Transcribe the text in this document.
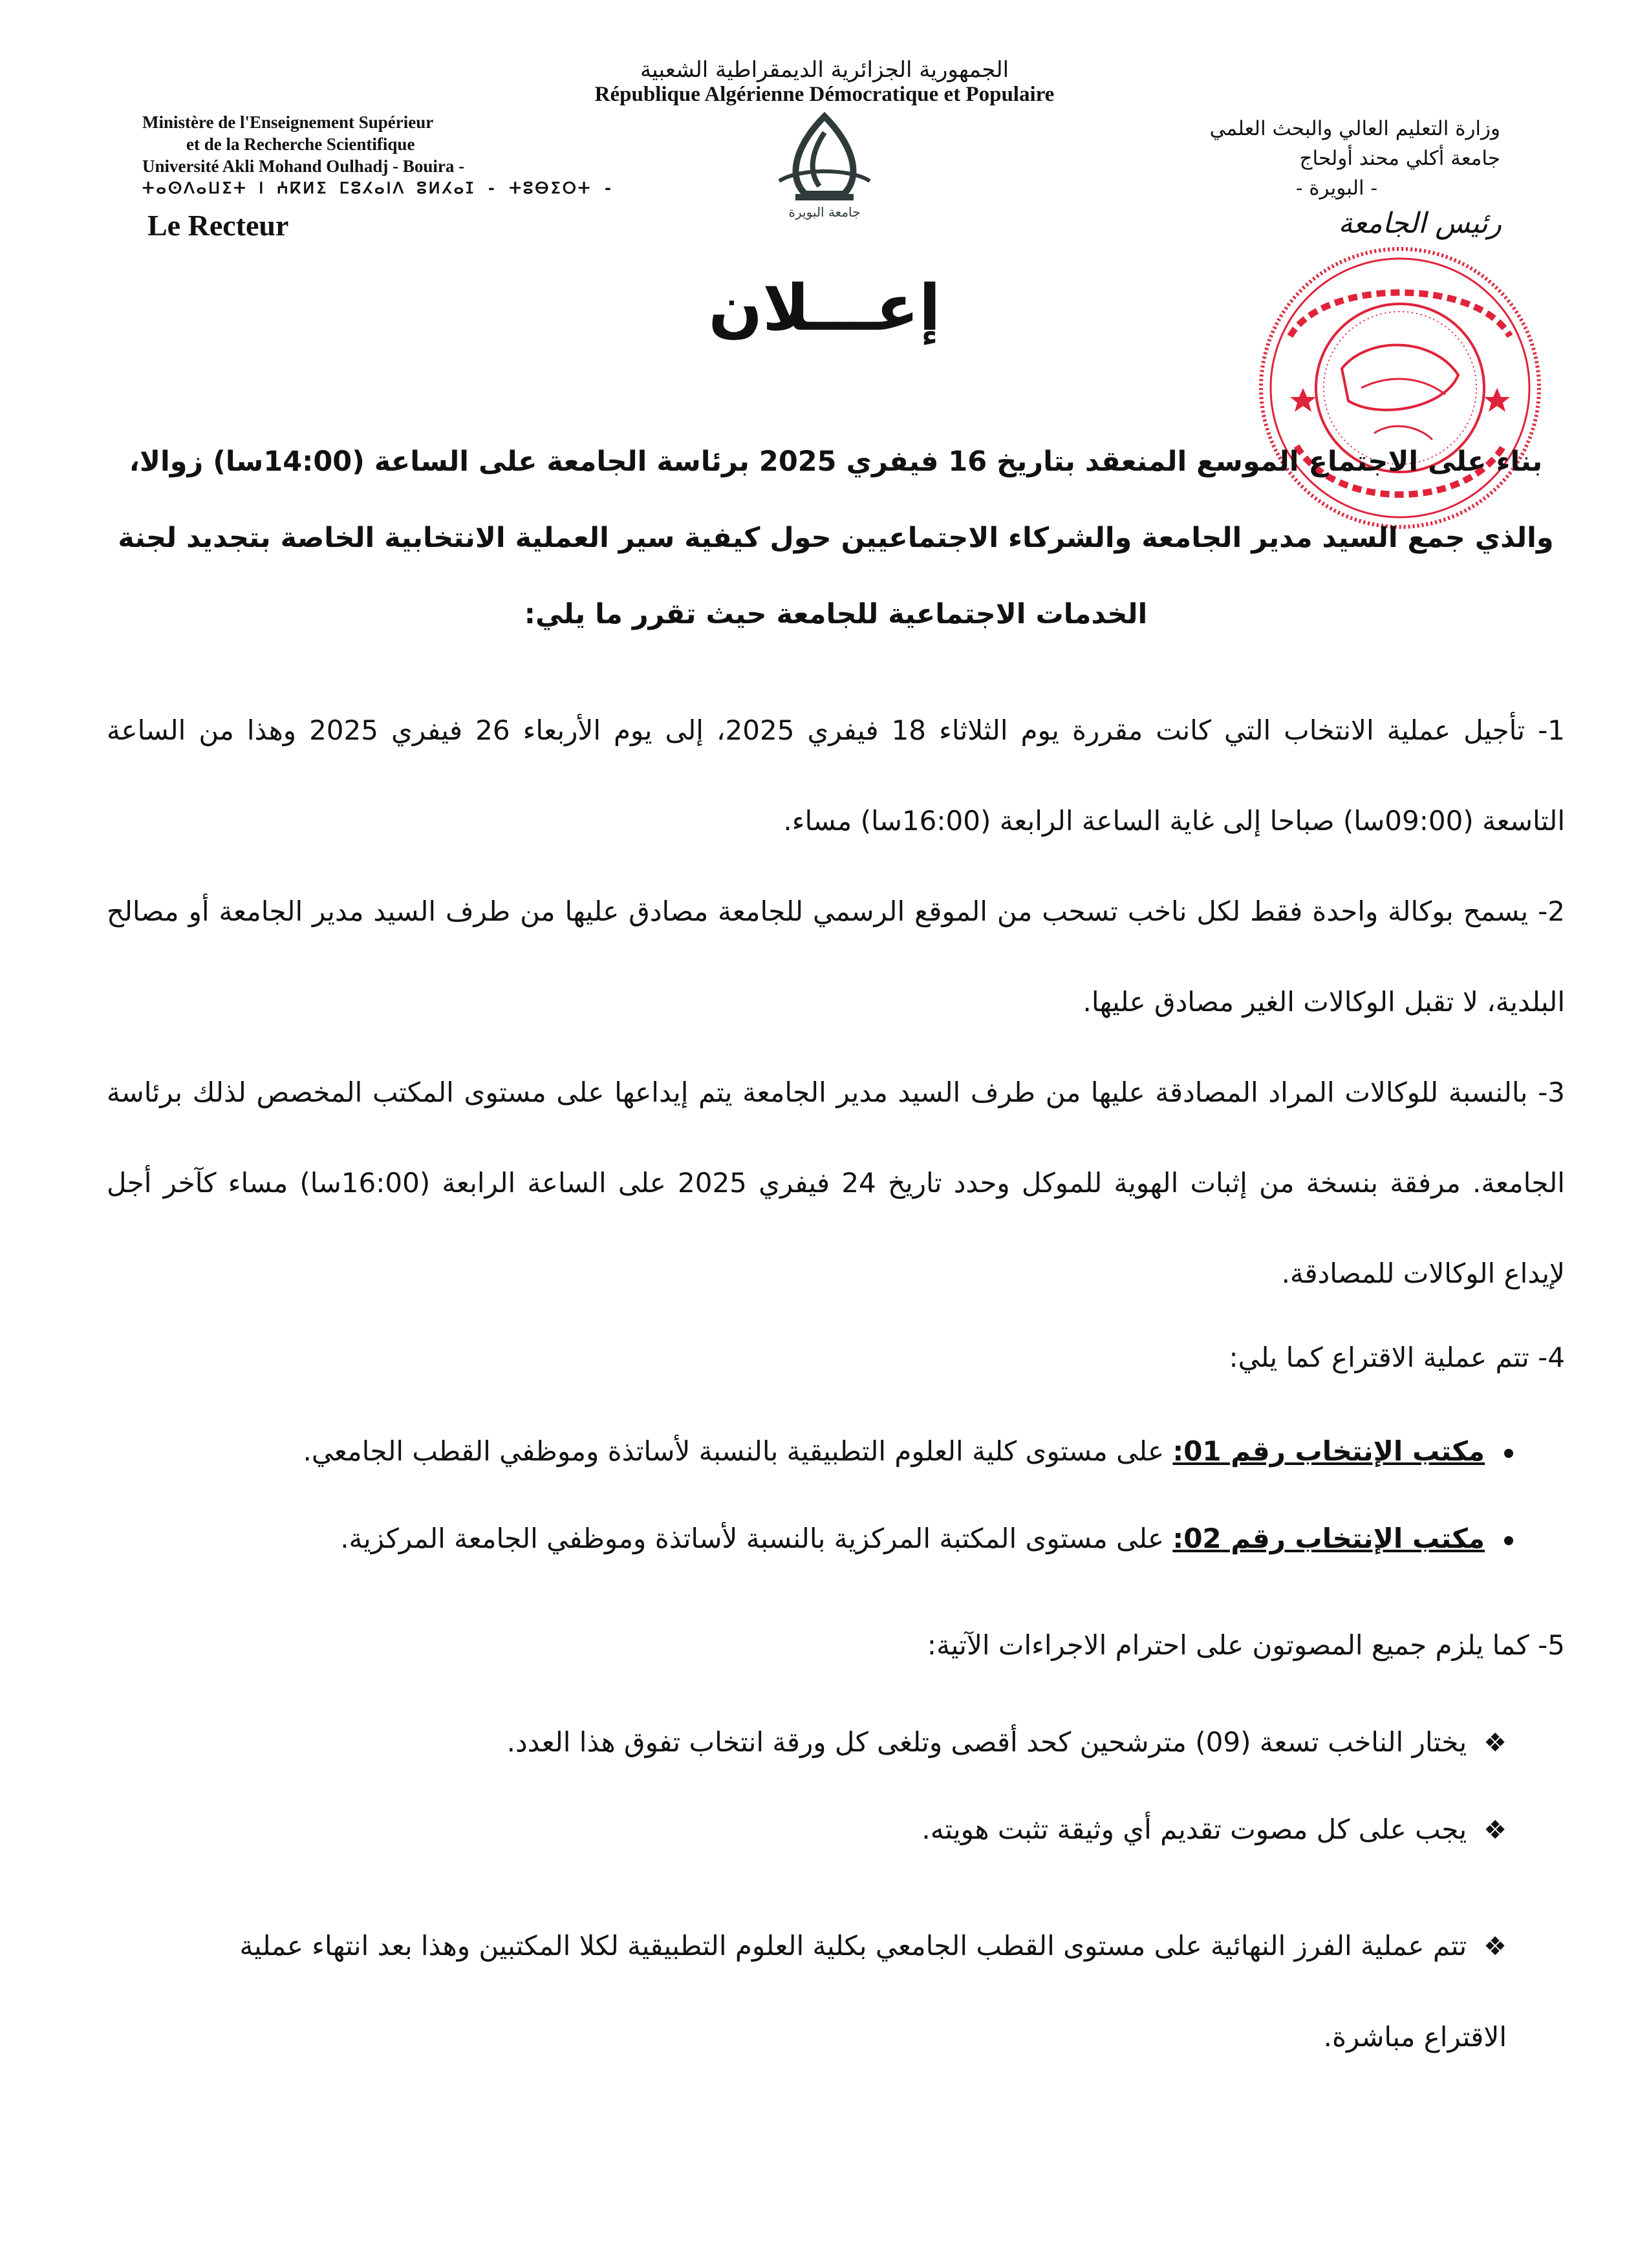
الجمهورية الجزائرية الديمقراطية الشعبية
République Algérienne Démocratique et Populaire
Ministère de l'Enseignement Supérieur
et de la Recherche Scientifique
Université Akli Mohand Oulhadj - Bouira -
ⵜⴰⵙⴷⴰⵡⵉⵜ ⵏ ⵄⴽⵍⵉ ⵎⵓⵃⴰⵏⴷ ⵓⵍⵃⴰⵊ - ⵜⵓⴱⵉⵔⵜ -
Le Recteur
وزارة التعليم العالي والبحث العلمي
جامعة أكلي محند أولحاج
- البويرة -
رئيس الجامعة
جامعة البويرة
إعـــلان
بناء على الاجتماع الموسع المنعقد بتاريخ 16 فيفري 2025 برئاسة الجامعة على الساعة (14:00سا) زوالا،
والذي جمع السيد مدير الجامعة والشركاء الاجتماعيين حول كيفية سير العملية الانتخابية الخاصة بتجديد لجنة
الخدمات الاجتماعية للجامعة حيث تقرر ما يلي:
1- تأجيل عملية الانتخاب التي كانت مقررة يوم الثلاثاء 18 فيفري 2025، إلى يوم الأربعاء 26 فيفري 2025 وهذا من الساعة التاسعة (09:00سا) صباحا إلى غاية الساعة الرابعة (16:00سا) مساء.
2- يسمح بوكالة واحدة فقط لكل ناخب تسحب من الموقع الرسمي للجامعة مصادق عليها من طرف السيد مدير الجامعة أو مصالح البلدية، لا تقبل الوكالات الغير مصادق عليها.
3- بالنسبة للوكالات المراد المصادقة عليها من طرف السيد مدير الجامعة يتم إيداعها على مستوى المكتب المخصص لذلك برئاسة الجامعة. مرفقة بنسخة من إثبات الهوية للموكل وحدد تاريخ 24 فيفري 2025 على الساعة الرابعة (16:00سا) مساء كآخر أجل لإيداع الوكالات للمصادقة.
4- تتم عملية الاقتراع كما يلي:
مكتب الإنتخاب رقم 01: على مستوى كلية العلوم التطبيقية بالنسبة لأساتذة وموظفي القطب الجامعي.
مكتب الإنتخاب رقم 02: على مستوى المكتبة المركزية بالنسبة لأساتذة وموظفي الجامعة المركزية.
5- كما يلزم جميع المصوتون على احترام الاجراءات الآتية:
❖يختار الناخب تسعة (09) مترشحين كحد أقصى وتلغى كل ورقة انتخاب تفوق هذا العدد.
❖يجب على كل مصوت تقديم أي وثيقة تثبت هويته.
❖تتم عملية الفرز النهائية على مستوى القطب الجامعي بكلية العلوم التطبيقية لكلا المكتبين وهذا بعد انتهاء عملية الاقتراع مباشرة.
